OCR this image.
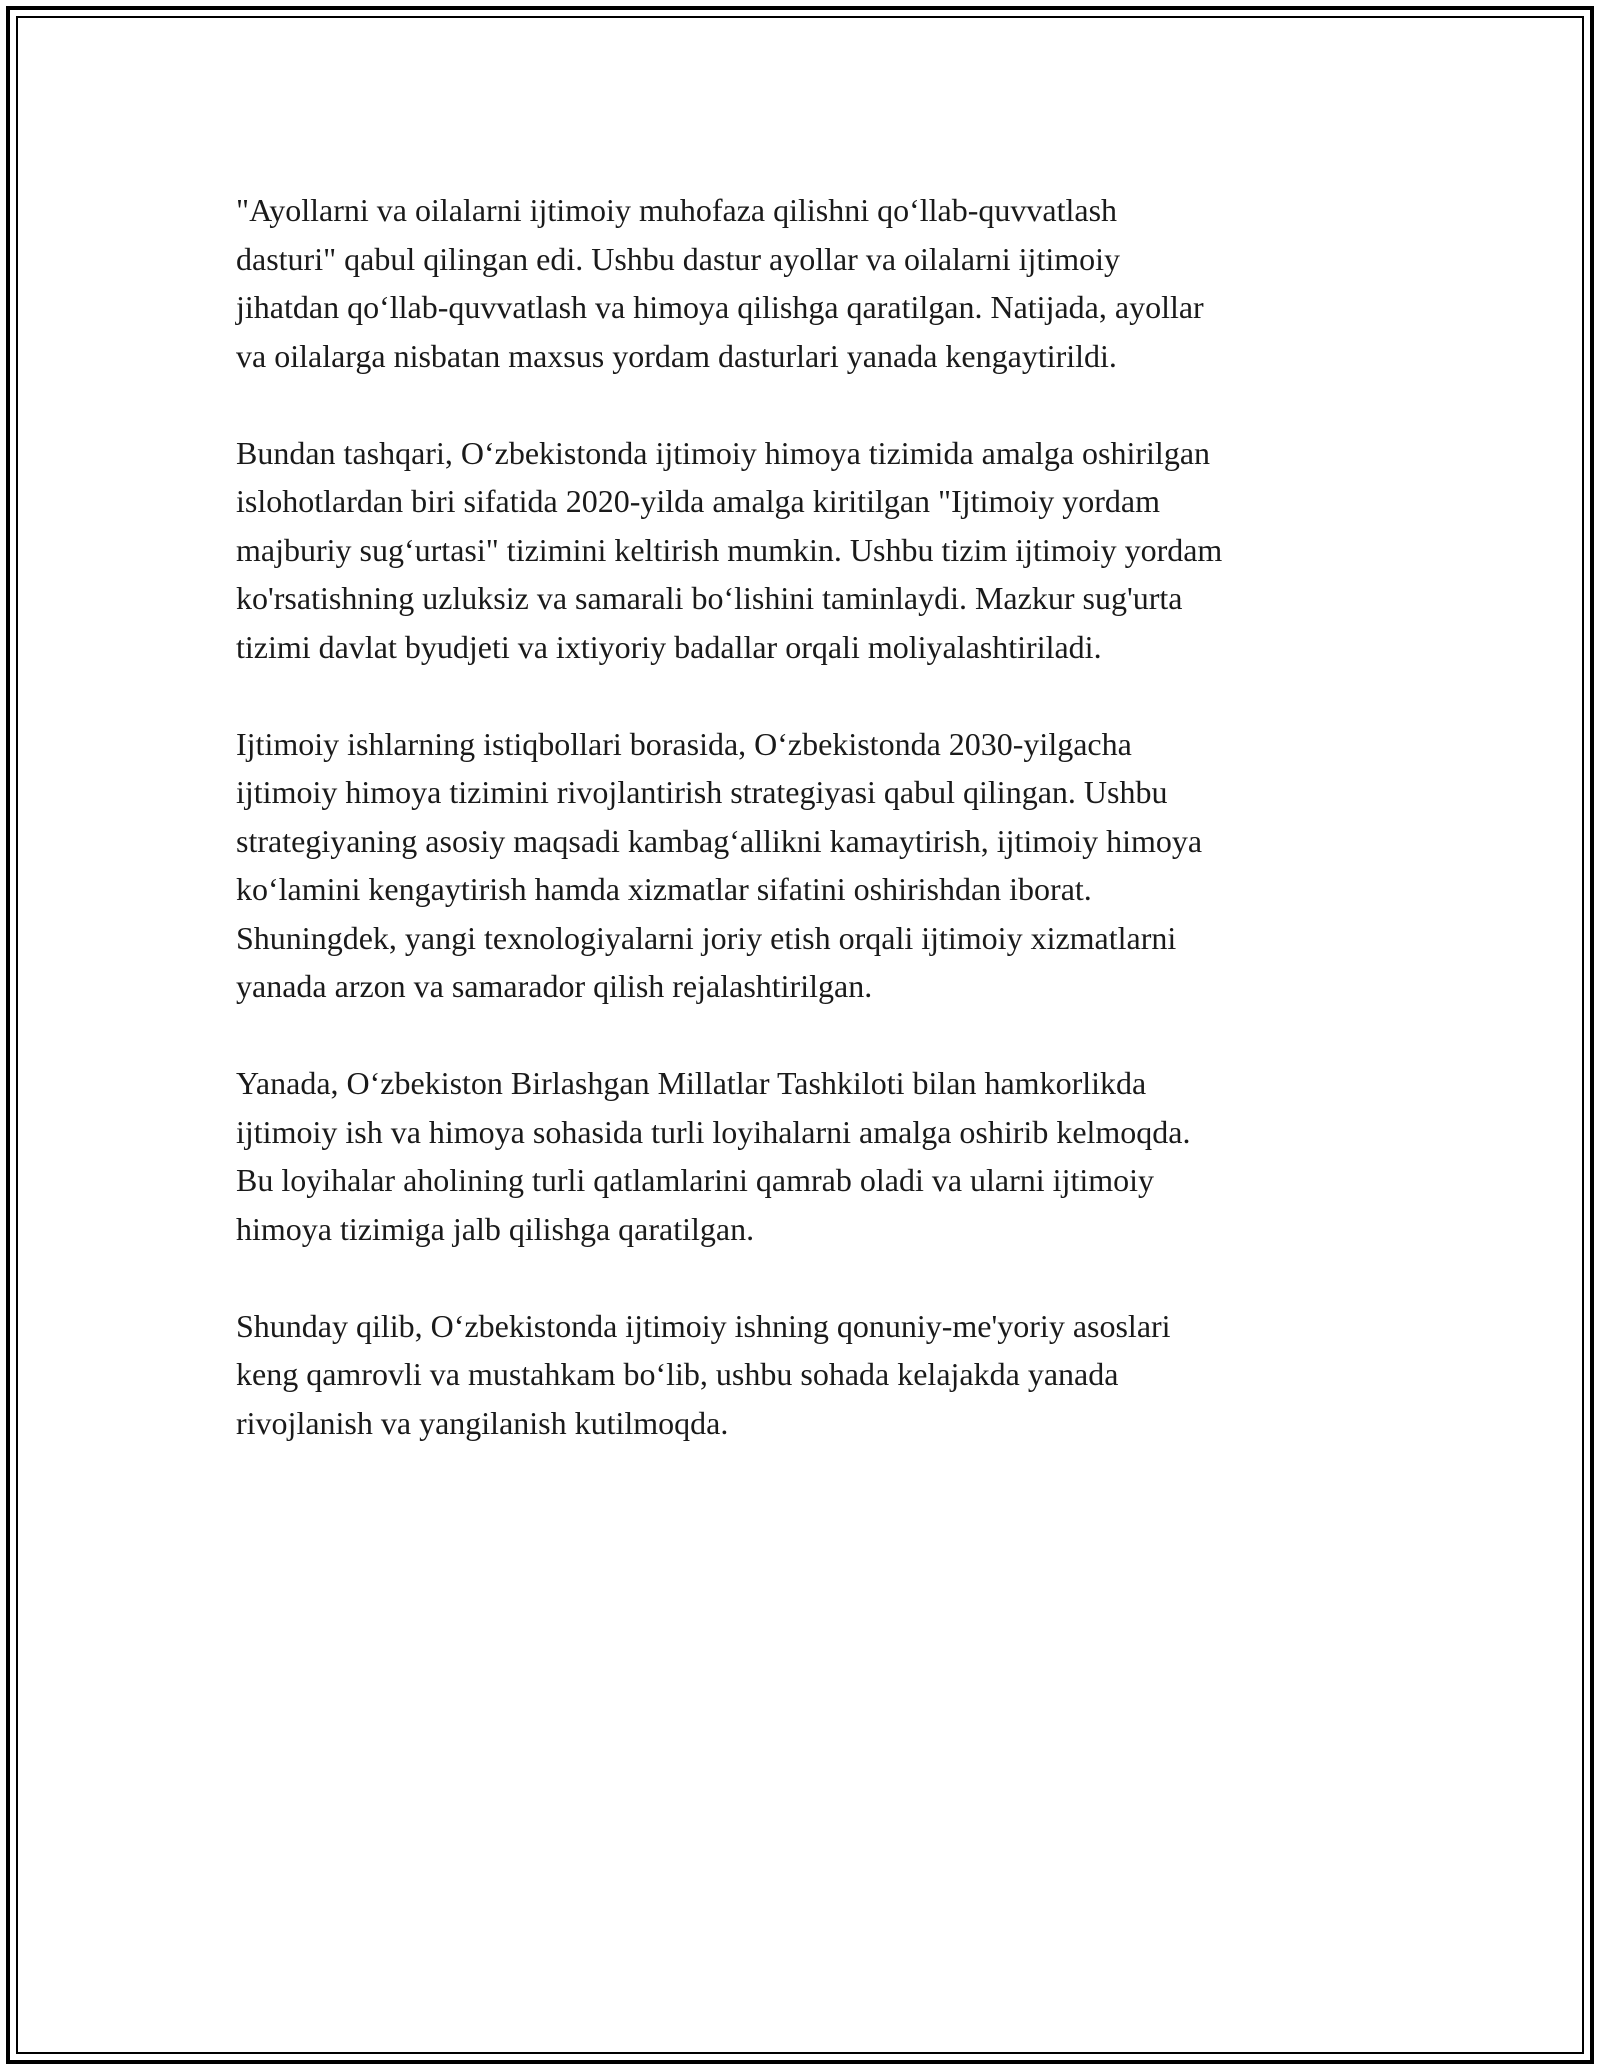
"Ayollarni va oilalarni ijtimoiy muhofaza qilishni qo‘llab-quvvatlash
dasturi" qabul qilingan edi. Ushbu dastur ayollar va oilalarni ijtimoiy
jihatdan qo‘llab-quvvatlash va himoya qilishga qaratilgan. Natijada, ayollar
va oilalarga nisbatan maxsus yordam dasturlari yanada kengaytirildi.

Bundan tashqari, O‘zbekistonda ijtimoiy himoya tizimida amalga oshirilgan
islohotlardan biri sifatida 2020-yilda amalga kiritilgan "Ijtimoiy yordam
majburiy sug‘urtasi" tizimini keltirish mumkin. Ushbu tizim ijtimoiy yordam
ko'rsatishning uzluksiz va samarali bo‘lishini taminlaydi. Mazkur sug'urta
tizimi davlat byudjeti va ixtiyoriy badallar orqali moliyalashtiriladi.

Ijtimoiy ishlarning istiqbollari borasida, O‘zbekistonda 2030-yilgacha
ijtimoiy himoya tizimini rivojlantirish strategiyasi qabul qilingan. Ushbu
strategiyaning asosiy maqsadi kambag‘allikni kamaytirish, ijtimoiy himoya
ko‘lamini kengaytirish hamda xizmatlar sifatini oshirishdan iborat.
Shuningdek, yangi texnologiyalarni joriy etish orqali ijtimoiy xizmatlarni
yanada arzon va samarador qilish rejalashtirilgan.

Yanada, O‘zbekiston Birlashgan Millatlar Tashkiloti bilan hamkorlikda
ijtimoiy ish va himoya sohasida turli loyihalarni amalga oshirib kelmoqda.
Bu loyihalar aholining turli qatlamlarini qamrab oladi va ularni ijtimoiy
himoya tizimiga jalb qilishga qaratilgan.

Shunday qilib, O‘zbekistonda ijtimoiy ishning qonuniy-me'yoriy asoslari
keng qamrovli va mustahkam bo‘lib, ushbu sohada kelajakda yanada
rivojlanish va yangilanish kutilmoqda.
